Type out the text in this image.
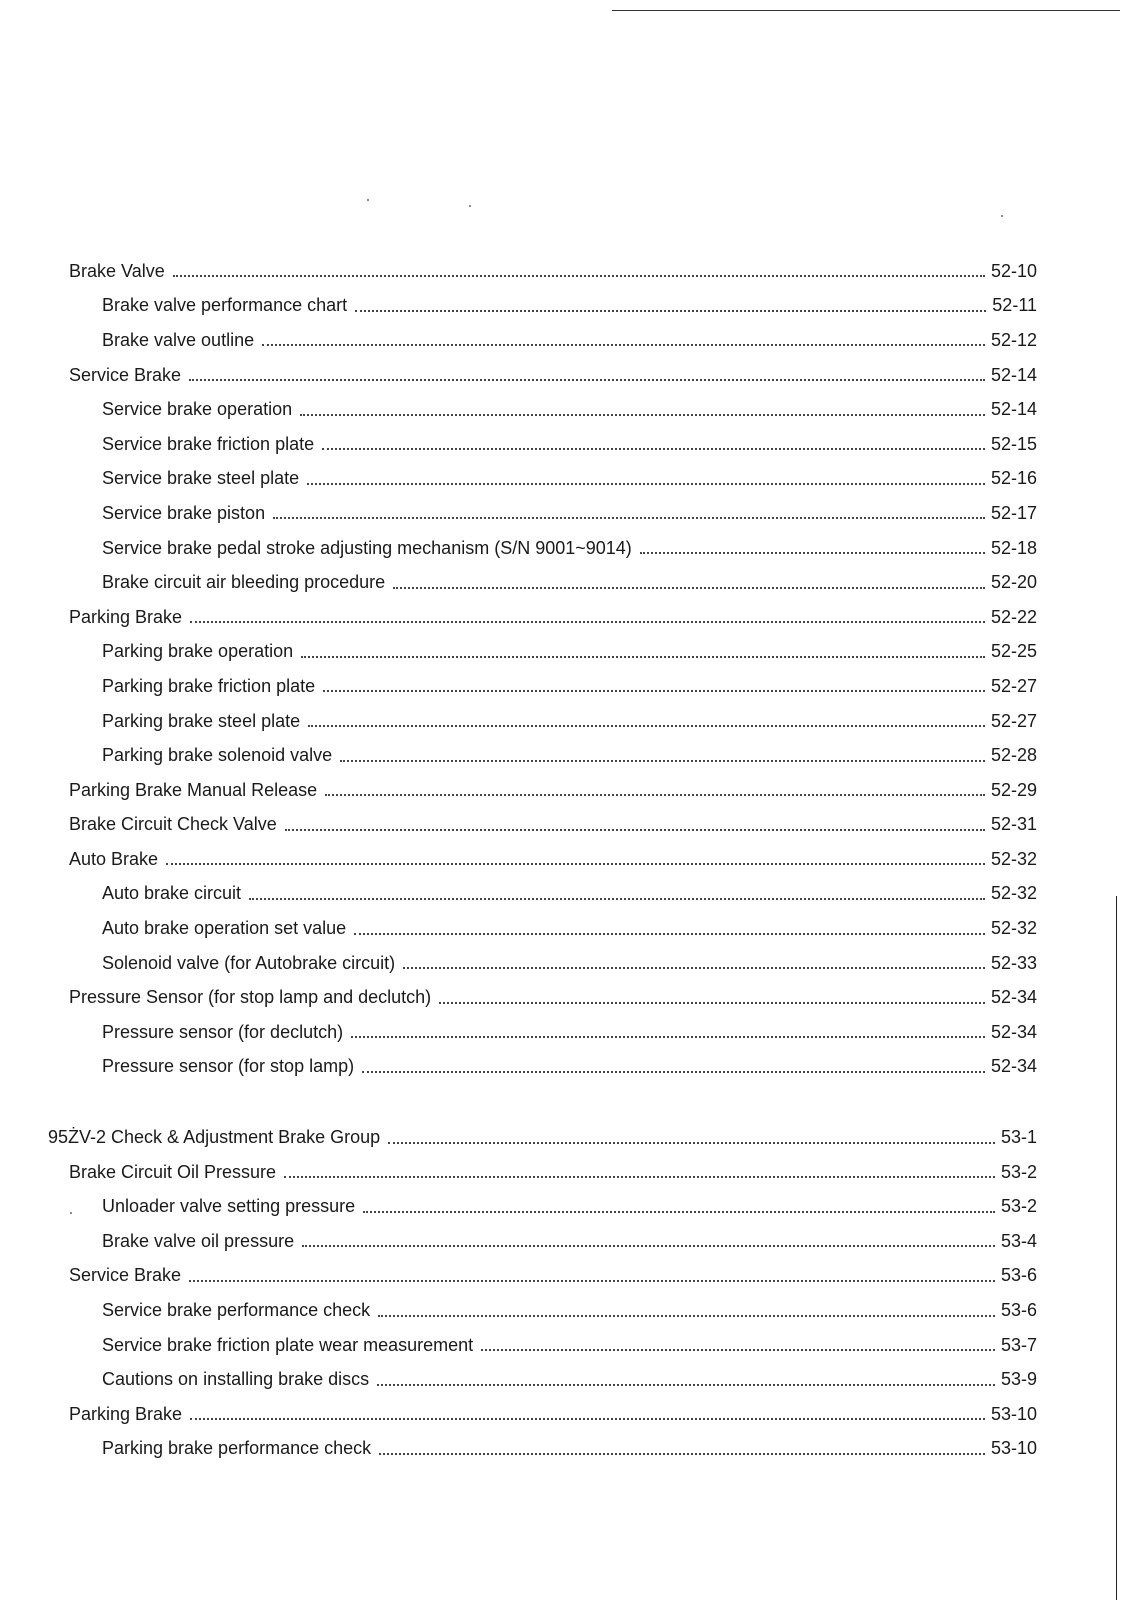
Brake Valve	52-10
Brake valve performance chart	52-11
Brake valve outline	52-12
Service Brake	52-14
Service brake operation	52-14
Service brake friction plate	52-15
Service brake steel plate	52-16
Service brake piston	52-17
Service brake pedal stroke adjusting mechanism (S/N 9001~9014)	52-18
Brake circuit air bleeding procedure	52-20
Parking Brake	52-22
Parking brake operation	52-25
Parking brake friction plate	52-27
Parking brake steel plate	52-27
Parking brake solenoid valve	52-28
Parking Brake Manual Release	52-29
Brake Circuit Check Valve	52-31
Auto Brake	52-32
Auto brake circuit	52-32
Auto brake operation set value	52-32
Solenoid valve (for Autobrake circuit)	52-33
Pressure Sensor (for stop lamp and declutch)	52-34
Pressure sensor (for declutch)	52-34
Pressure sensor (for stop lamp)	52-34
95ŻV-2 Check & Adjustment Brake Group	53-1
Brake Circuit Oil Pressure	53-2
Unloader valve setting pressure	53-2
Brake valve oil pressure	53-4
Service Brake	53-6
Service brake performance check	53-6
Service brake friction plate wear measurement	53-7
Cautions on installing brake discs	53-9
Parking Brake	53-10
Parking brake performance check	53-10
